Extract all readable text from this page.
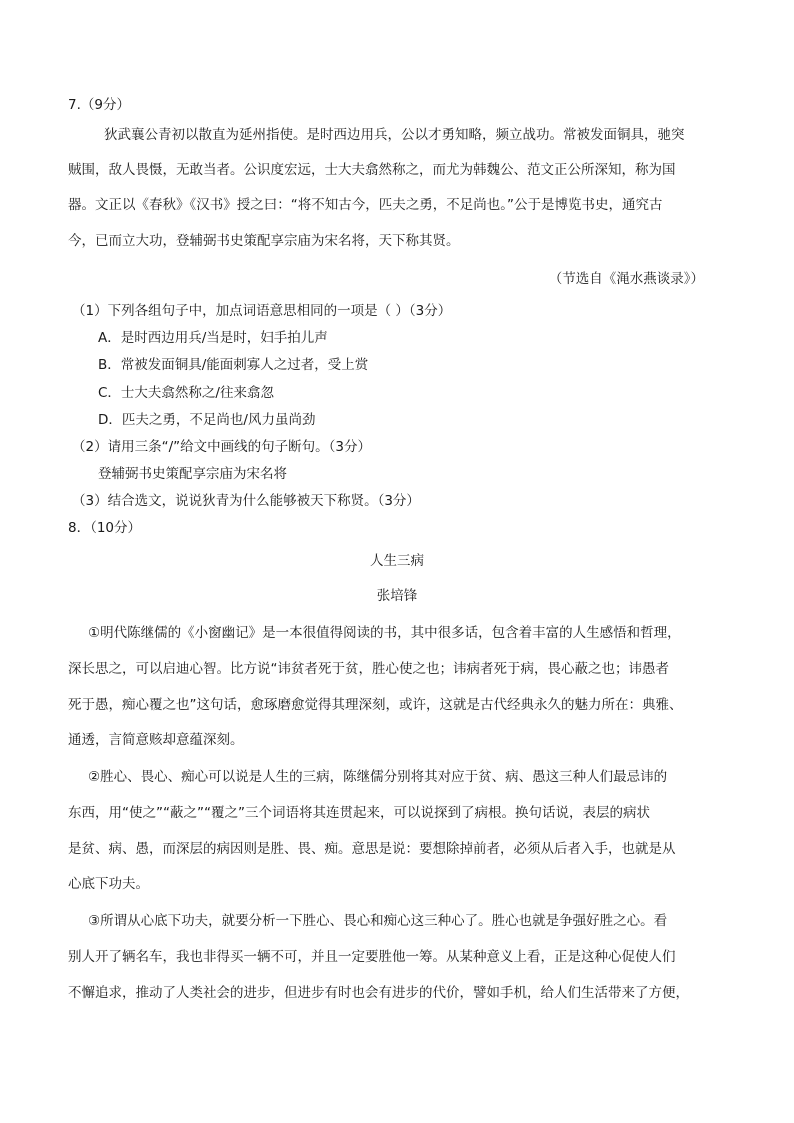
7.（9分）
狄武襄公青初以散直为延州指使。是时西边用兵，公以才勇知略，频立战功。常被发面铜具，驰突
贼围，敌人畏慑，无敢当者。公识度宏远，士大夫翕然称之，而尤为韩魏公、范文正公所深知，称为国
器。文正以《春秋》《汉书》授之曰：“将不知古今，匹夫之勇，不足尚也。”公于是博览书史，通究古
今，已而立大功，登辅弼书史策配享宗庙为宋名将，天下称其贤。
（节选自《渑水燕谈录》）
（1）下列各组句子中，加点词语意思相同的一项是（ ）（3分）
A．是时西边用兵/当是时，妇手拍儿声
B．常被发面铜具/能面刺寡人之过者，受上赏
C．士大夫翕然称之/往来翕忽
D．匹夫之勇，不足尚也/风力虽尚劲
（2）请用三条“/”给文中画线的句子断句。（3分）
登辅弼书史策配享宗庙为宋名将
（3）结合选文，说说狄青为什么能够被天下称贤。（3分）
8．（10分）
人生三病
张培锋
①明代陈继儒的《小窗幽记》是一本很值得阅读的书，其中很多话，包含着丰富的人生感悟和哲理，
深长思之，可以启迪心智。比方说“讳贫者死于贫，胜心使之也；讳病者死于病，畏心蔽之也；讳愚者
死于愚，痴心覆之也”这句话，愈琢磨愈觉得其理深刻，或许，这就是古代经典永久的魅力所在：典雅、
通透，言简意赅却意蕴深刻。
②胜心、畏心、痴心可以说是人生的三病，陈继儒分别将其对应于贫、病、愚这三种人们最忌讳的
东西，用“使之”“蔽之”“覆之”三个词语将其连贯起来，可以说探到了病根。换句话说，表层的病状
是贫、病、愚，而深层的病因则是胜、畏、痴。意思是说：要想除掉前者，必须从后者入手，也就是从
心底下功夫。
③所谓从心底下功夫，就要分析一下胜心、畏心和痴心这三种心了。胜心也就是争强好胜之心。看
别人开了辆名车，我也非得买一辆不可，并且一定要胜他一筹。从某种意义上看，正是这种心促使人们
不懈追求，推动了人类社会的进步，但进步有时也会有进步的代价，譬如手机，给人们生活带来了方便，
